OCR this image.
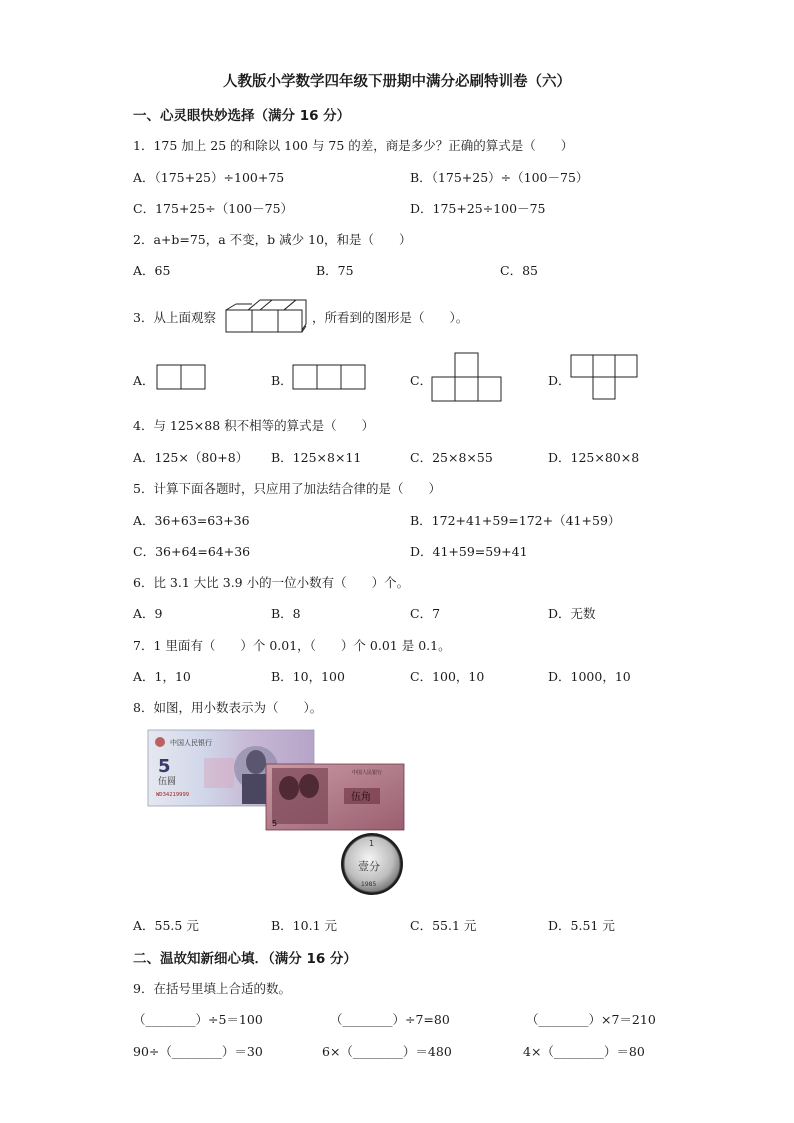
人教版小学数学四年级下册期中满分必刷特训卷（六）
一、心灵眼快妙选择（满分 16 分）
1．175 加上 25 的和除以 100 与 75 的差，商是多少？正确的算式是（　　）
A．（175+25）÷100+75	B．（175+25）÷（100－75）
C．175+25÷（100－75）	D．175+25÷100－75
2．a+b=75，a 不变，b 减少 10，和是（　　）
A．65	B．75	C．85
3．从上面观察	，所看到的图形是（　　）。
A．	B．	C．	D．
4．与 125×88 积不相等的算式是（　　）
A．125×（80+8） B．125×8×11	C．25×8×55	D．125×80×8
5．计算下面各题时，只应用了加法结合律的是（　　）
A．36+63=63+36	B．172+41+59=172+（41+59）
C．36+64=64+36	D．41+59=59+41
6．比 3.1 大比 3.9 小的一位小数有（　　）个。
A．9	B．8	C．7	D．无数
7．1 里面有（　　）个 0.01，（　　）个 0.01 是 0.1。
A．1，10	B．10，100	C．100，10	D．1000，10
8．如图，用小数表示为（　　）。
中国人民银行
5
伍圆
WD34219999
中国人民银行
伍角
5
1
壹分
1985
A．55.5 元	B．10.1 元	C．55.1 元	D．5.51 元
二、温故知新细心填．（满分 16 分）
9．在括号里填上合适的数。
（________）÷5＝100	（________）÷7=80	（________）×7＝210
90÷（________）＝30	6×（________）＝480	4×（________）＝80
